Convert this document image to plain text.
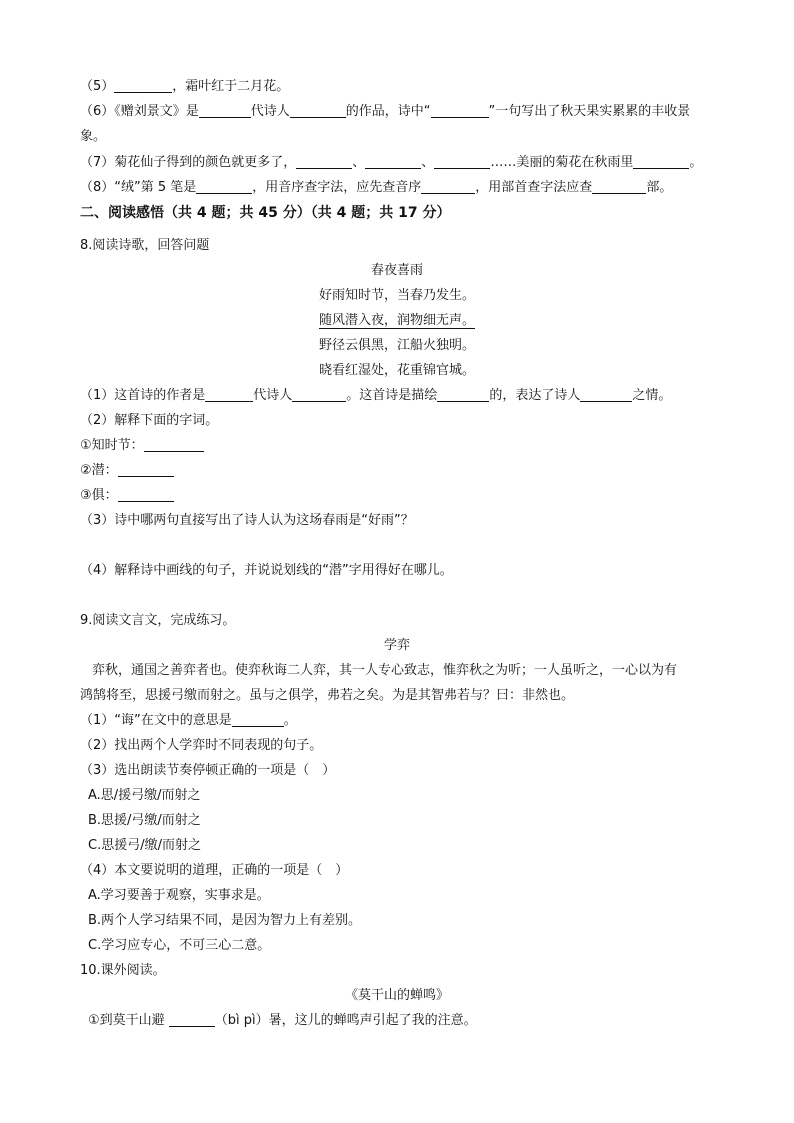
（5）	，霜叶红于二月花。
（6）《赠刘景文》是	代诗人	的作品，诗中“	”一句写出了秋天果实累累的丰收景
象。
（7）菊花仙子得到的颜色就更多了，	、	、	……美丽的菊花在秋雨里	。
（8）“绒”第 5 笔是	，用音序查字法，应先查音序	，用部首查字法应查	部。
二、阅读感悟（共 4 题；共 45 分）（共 4 题；共 17 分）
8.阅读诗歌，回答问题
春夜喜雨
好雨知时节，当春乃发生。
随风潜入夜，润物细无声。
野径云俱黑，江船火独明。
晓看红湿处，花重锦官城。
（1）这首诗的作者是	代诗人	。这首诗是描绘	的，表达了诗人	之情。
（2）解释下面的字词。
①知时节：
②潜：
③俱：
（3）诗中哪两句直接写出了诗人认为这场春雨是“好雨”？
（4）解释诗中画线的句子，并说说划线的“潜”字用得好在哪儿。
9.阅读文言文，完成练习。
学弈
弈秋，通国之善弈者也。使弈秋诲二人弈，其一人专心致志，惟弈秋之为听；一人虽听之，一心以为有
鸿鹄将至，思援弓缴而射之。虽与之俱学，弗若之矣。为是其智弗若与？曰：非然也。
（1）“诲”在文中的意思是	。
（2）找出两个人学弈时不同表现的句子。
（3）选出朗读节奏停顿正确的一项是（　）
A.思/援弓缴/而射之
B.思援/弓缴/而射之
C.思援弓/缴/而射之
（4）本文要说明的道理，正确的一项是（　）
A.学习要善于观察，实事求是。
B.两个人学习结果不同，是因为智力上有差别。
C.学习应专心，不可三心二意。
10.课外阅读。
《莫干山的蝉鸣》
①到莫干山避	（bì pì）暑，这儿的蝉鸣声引起了我的注意。
